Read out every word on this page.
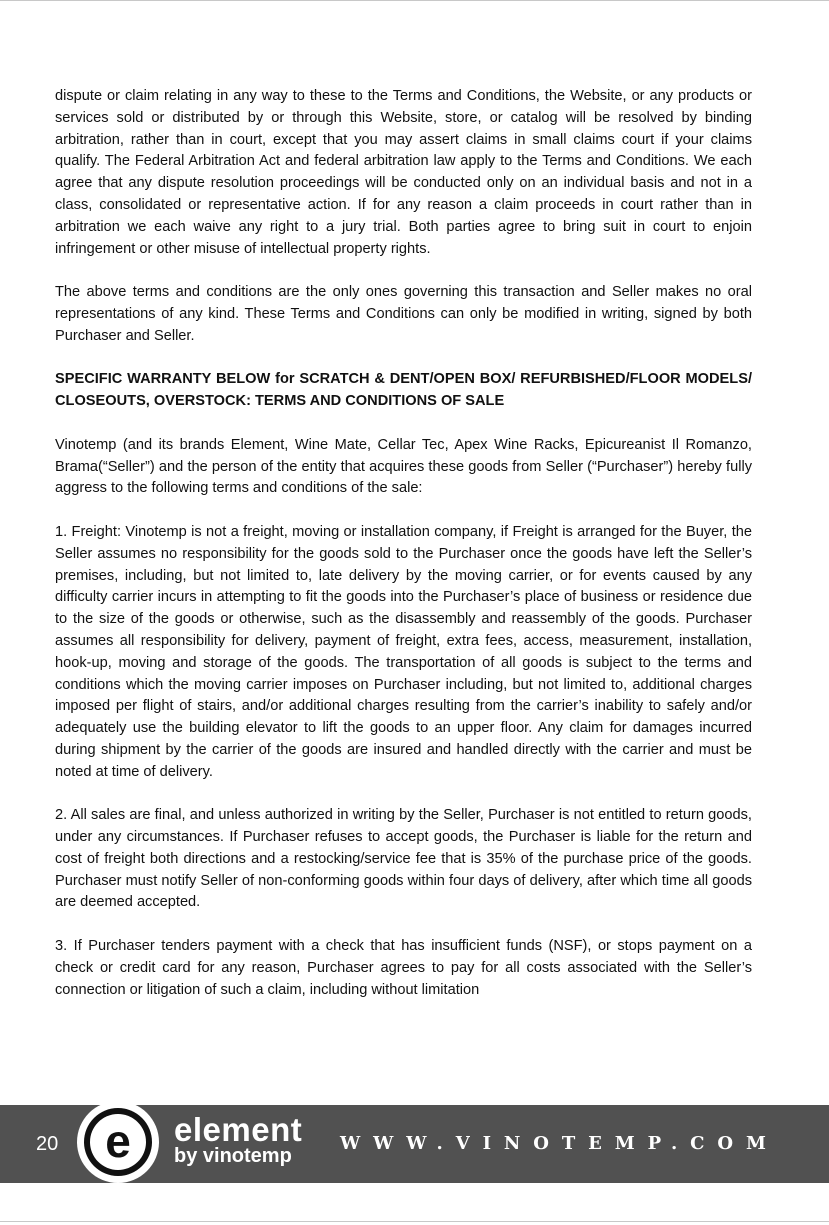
dispute or claim relating in any way to these to the Terms and Conditions, the Website, or any products or services sold or distributed by or through this Website, store, or catalog will be resolved by binding arbitration, rather than in court, except that you may assert claims in small claims court if your claims qualify. The Federal Arbitration Act and federal arbitration law apply to the Terms and Conditions. We each agree that any dispute resolution proceedings will be conducted only on an individual basis and not in a class, consolidated or representative action. If for any reason a claim proceeds in court rather than in arbitration we each waive any right to a jury trial. Both parties agree to bring suit in court to enjoin infringement or other misuse of intellectual property rights.

The above terms and conditions are the only ones governing this transaction and Seller makes no oral representations of any kind. These Terms and Conditions can only be modified in writing, signed by both Purchaser and Seller.

SPECIFIC WARRANTY BELOW for SCRATCH & DENT/OPEN BOX/ REFURBISHED/FLOOR MODELS/ CLOSEOUTS, OVERSTOCK: TERMS AND CONDITIONS OF SALE

Vinotemp (and its brands Element, Wine Mate, Cellar Tec, Apex Wine Racks, Epicureanist Il Romanzo, Brama(“Seller”) and the person of the entity that acquires these goods from Seller (“Purchaser”) hereby fully aggress to the following terms and conditions of the sale:

1. Freight: Vinotemp is not a freight, moving or installation company, if Freight is arranged for the Buyer, the Seller assumes no responsibility for the goods sold to the Purchaser once the goods have left the Seller’s premises, including, but not limited to, late delivery by the moving carrier, or for events caused by any difficulty carrier incurs in attempting to fit the goods into the Purchaser’s place of business or residence due to the size of the goods or otherwise, such as the disassembly and reassembly of the goods. Purchaser assumes all responsibility for delivery, payment of freight, extra fees, access, measurement, installation, hook-up, moving and storage of the goods. The transportation of all goods is subject to the terms and conditions which the moving carrier imposes on Purchaser including, but not limited to, additional charges imposed per flight of stairs, and/or additional charges resulting from the carrier’s inability to safely and/or adequately use the building elevator to lift the goods to an upper floor. Any claim for damages incurred during shipment by the carrier of the goods are insured and handled directly with the carrier and must be noted at time of delivery.

2. All sales are final, and unless authorized in writing by the Seller, Purchaser is not entitled to return goods, under any circumstances. If Purchaser refuses to accept goods, the Purchaser is liable for the return and cost of freight both directions and a restocking/service fee that is 35% of the purchase price of the goods. Purchaser must notify Seller of non-conforming goods within four days of delivery, after which time all goods are deemed accepted.

3. If Purchaser tenders payment with a check that has insufficient funds (NSF), or stops payment on a check or credit card for any reason, Purchaser agrees to pay for all costs associated with the Seller’s connection or litigation of such a claim, including without limitation

20 e element
by vinotemp
WWW.VINOTEMP.COM
